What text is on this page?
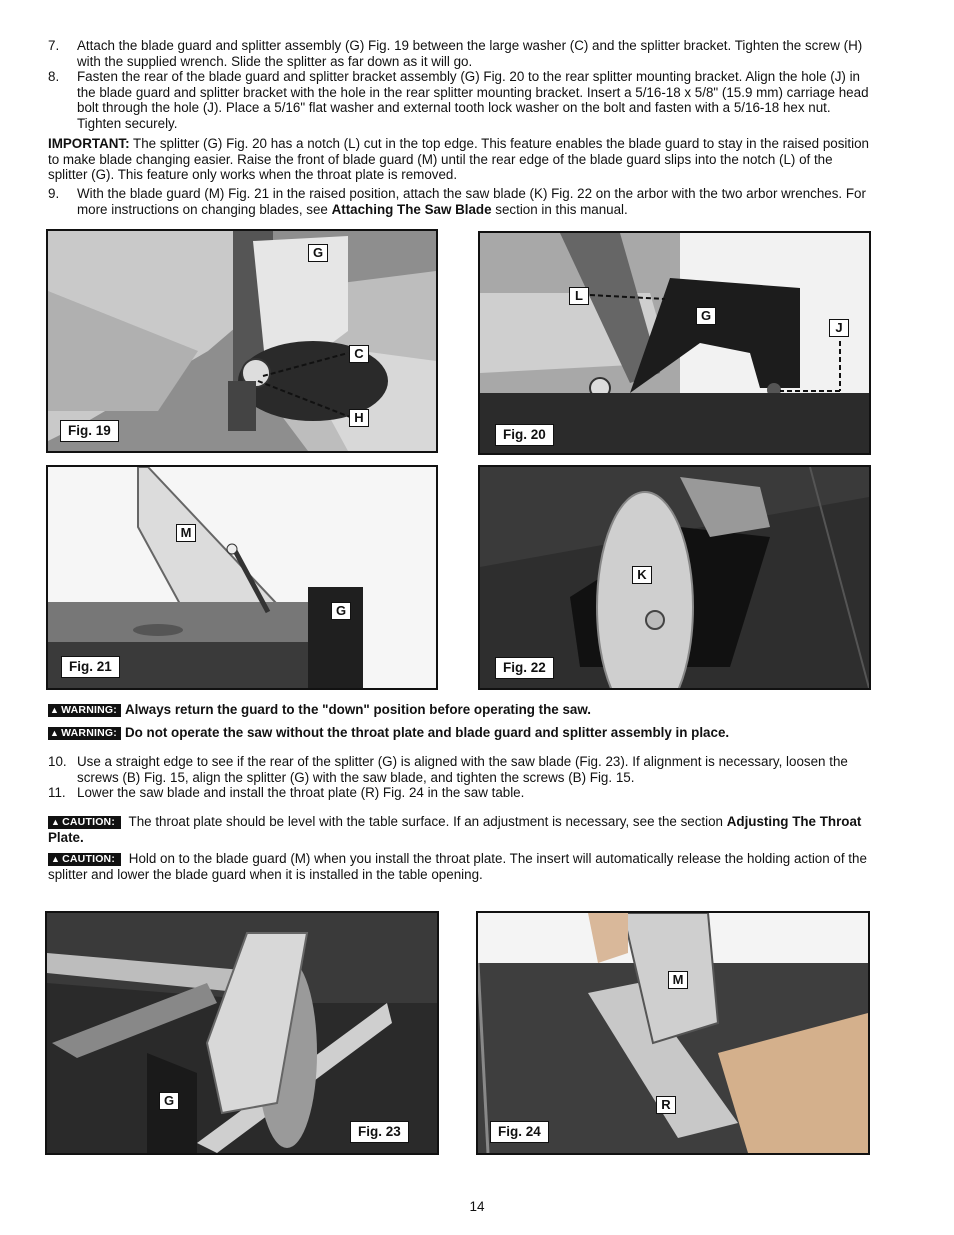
7. Attach the blade guard and splitter assembly (G) Fig. 19 between the large washer (C) and the splitter bracket. Tighten the screw (H) with the supplied wrench. Slide the splitter as far down as it will go.
8. Fasten the rear of the blade guard and splitter bracket assembly (G) Fig. 20 to the rear splitter mounting bracket. Align the hole (J) in the blade guard and splitter bracket with the hole in the rear splitter mounting bracket. Insert a 5/16-18 x 5/8" (15.9 mm) carriage head bolt through the hole (J). Place a 5/16" flat washer and external tooth lock washer on the bolt and fasten with a 5/16-18 hex nut. Tighten securely.

IMPORTANT: The splitter (G) Fig. 20 has a notch (L) cut in the top edge. This feature enables the blade guard to stay in the raised position to make blade changing easier. Raise the front of blade guard (M) until the rear edge of the blade guard slips into the notch (L) of the splitter (G). This feature only works when the throat plate is removed.

9. With the blade guard (M) Fig. 21 in the raised position, attach the saw blade (K) Fig. 22 on the arbor with the two arbor wrenches. For more instructions on changing blades, see Attaching The Saw Blade section in this manual.
G
C
H
Fig. 19
L
G
J
Fig. 20
M
G
Fig. 21
K
Fig. 22
▲ WARNING: Always return the guard to the "down" position before operating the saw.
▲ WARNING: Do not operate the saw without the throat plate and blade guard and splitter assembly in place.
10. Use a straight edge to see if the rear of the splitter (G) is aligned with the saw blade (Fig. 23). If alignment is necessary, loosen the screws (B) Fig. 15, align the splitter (G) with the saw blade, and tighten the screws (B) Fig. 15.
11. Lower the saw blade and install the throat plate (R) Fig. 24 in the saw table.

▲ CAUTION: The throat plate should be level with the table surface. If an adjustment is necessary, see the section Adjusting The Throat Plate.

▲ CAUTION: Hold on to the blade guard (M) when you install the throat plate. The insert will automatically release the holding action of the splitter and lower the blade guard when it is installed in the table opening.

G
Fig. 23
M
R
Fig. 24
14
